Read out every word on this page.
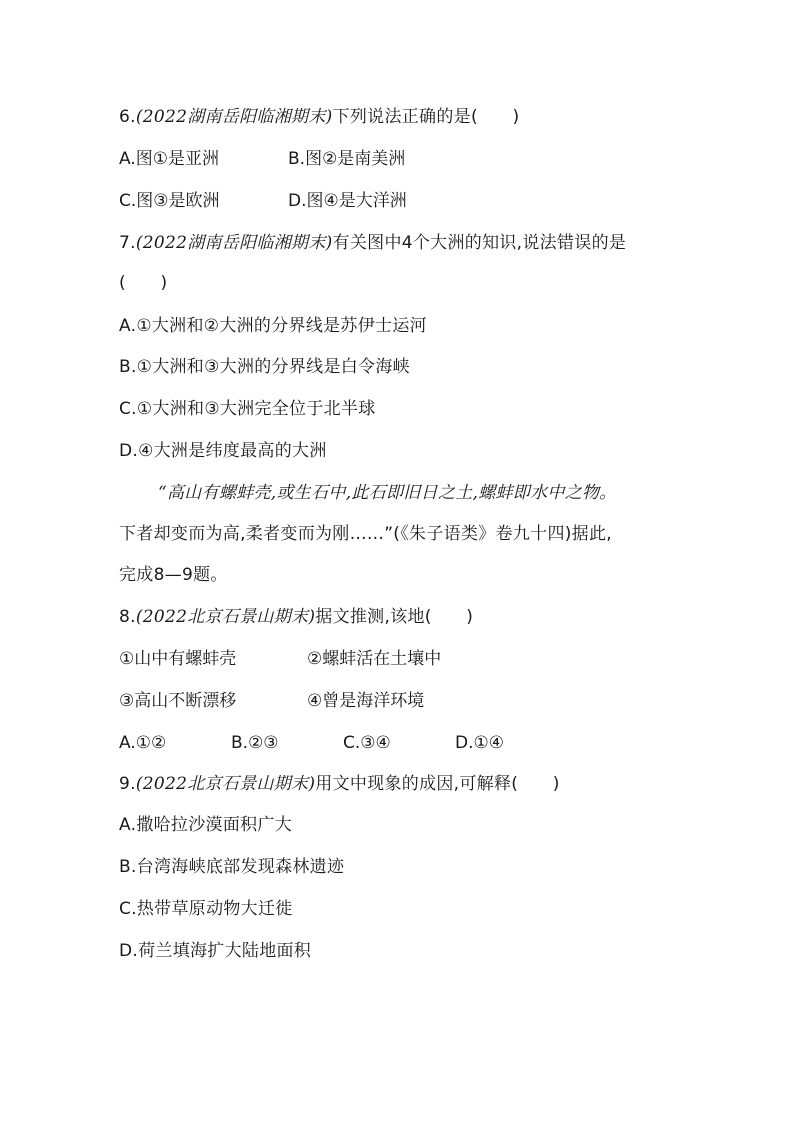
6.(2022湖南岳阳临湘期末)下列说法正确的是(　　)
A.图①是亚洲	B.图②是南美洲
C.图③是欧洲	D.图④是大洋洲
7.(2022湖南岳阳临湘期末)有关图中4个大洲的知识,说法错误的是
(　　)
A.①大洲和②大洲的分界线是苏伊士运河
B.①大洲和③大洲的分界线是白令海峡
C.①大洲和③大洲完全位于北半球
D.④大洲是纬度最高的大洲
“高山有螺蚌壳,或生石中,此石即旧日之土,螺蚌即水中之物。
下者却变而为高,柔者变而为刚……”(《朱子语类》卷九十四)据此,
完成8—9题。
8.(2022北京石景山期末)据文推测,该地(　　)
①山中有螺蚌壳	②螺蚌活在土壤中
③高山不断漂移	④曾是海洋环境
A.①②	B.②③	C.③④	D.①④
9.(2022北京石景山期末)用文中现象的成因,可解释(　　)
A.撒哈拉沙漠面积广大
B.台湾海峡底部发现森林遗迹
C.热带草原动物大迁徙
D.荷兰填海扩大陆地面积
